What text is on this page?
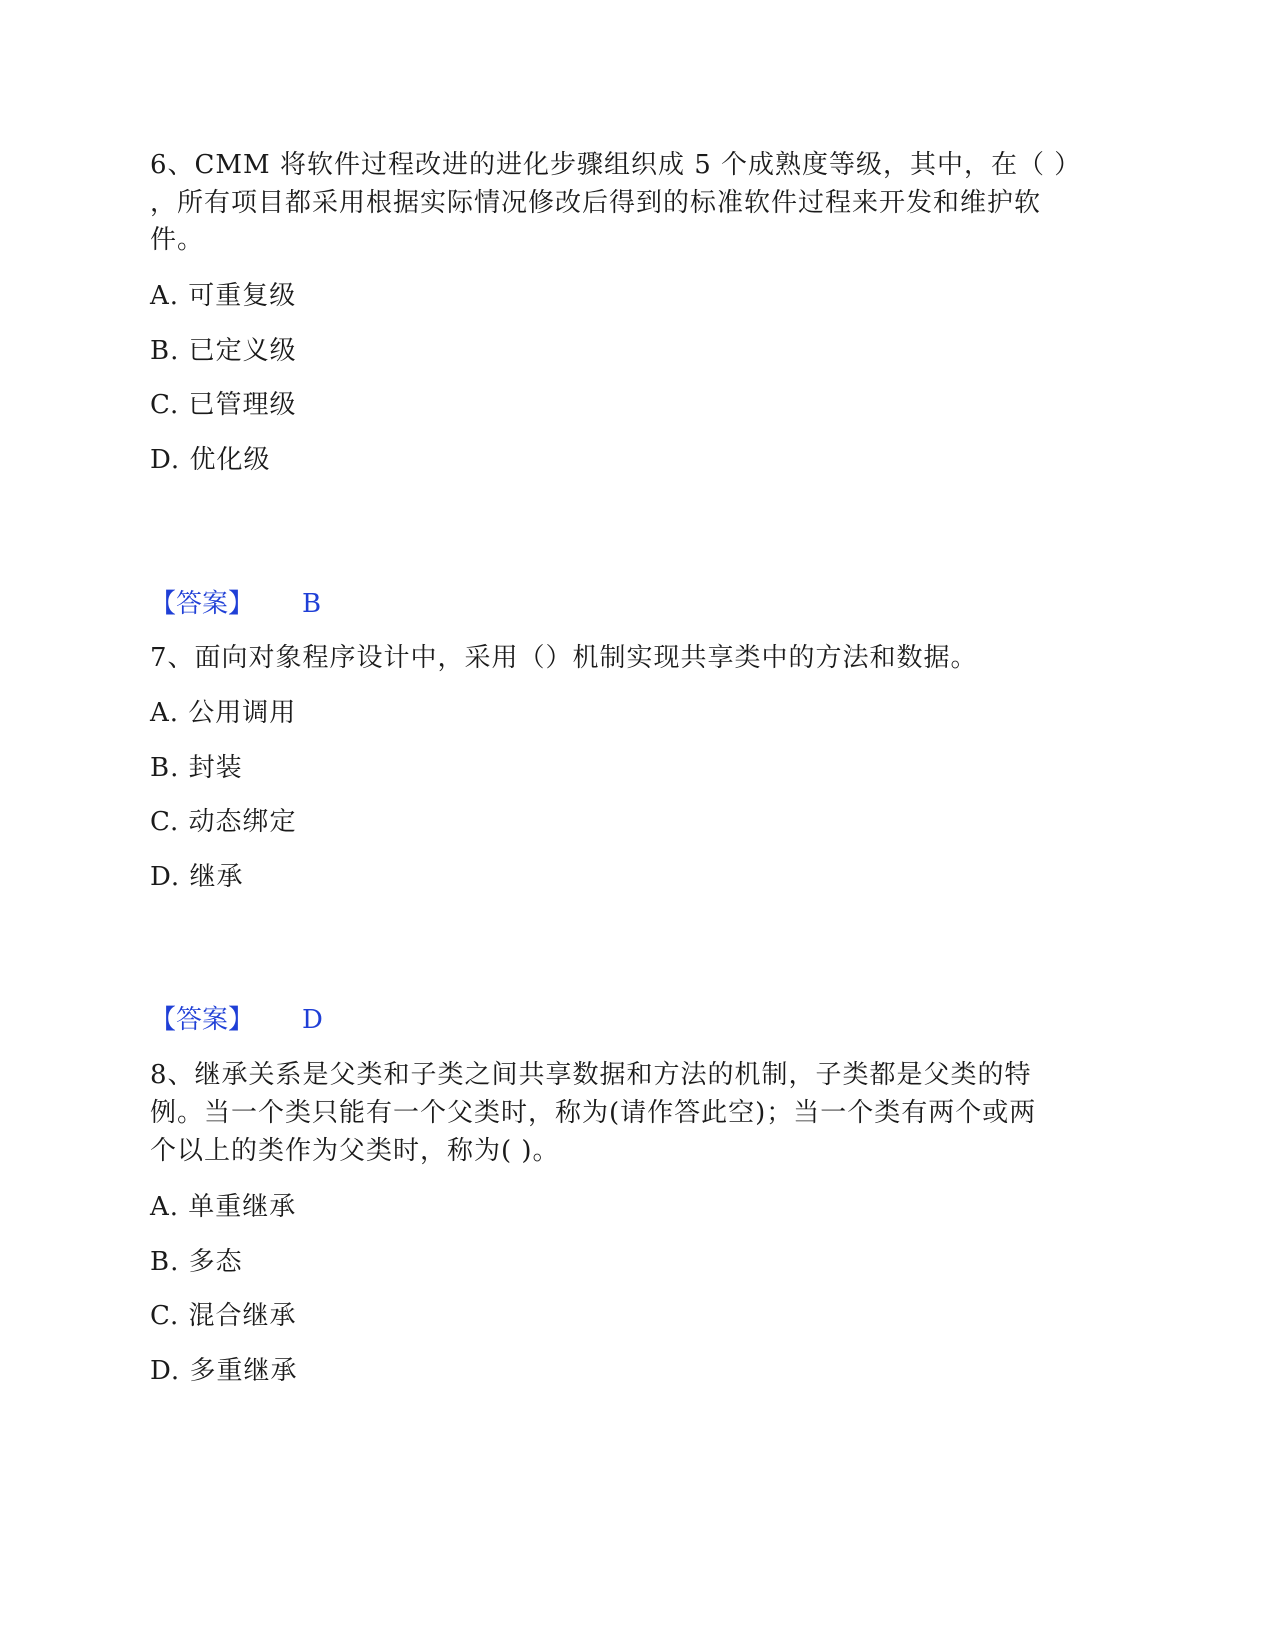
6、CMM 将软件过程改进的进化步骤组织成 5 个成熟度等级，其中，在（ ）
，所有项目都采用根据实际情况修改后得到的标准软件过程来开发和维护软
件。
A. 可重复级
B. 已定义级
C. 已管理级
D. 优化级
【答案】 B
7、面向对象程序设计中，采用（）机制实现共享类中的方法和数据。
A. 公用调用
B. 封装
C. 动态绑定
D. 继承
【答案】 D
8、继承关系是父类和子类之间共享数据和方法的机制，子类都是父类的特
例。当一个类只能有一个父类时，称为(请作答此空)；当一个类有两个或两
个以上的类作为父类时，称为( )。
A. 单重继承
B. 多态
C. 混合继承
D. 多重继承
